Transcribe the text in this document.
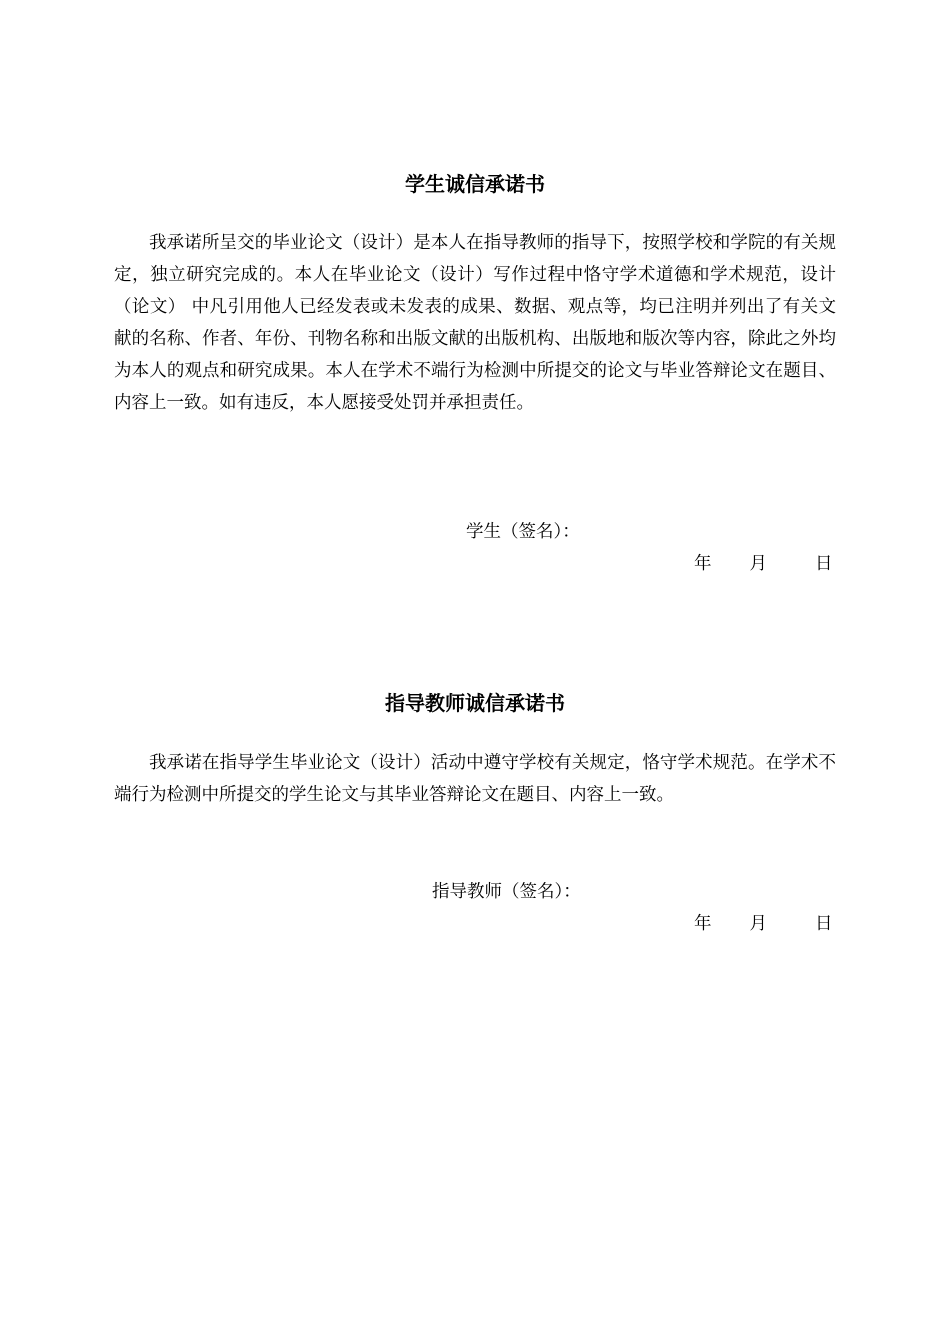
学生诚信承诺书

我承诺所呈交的毕业论文（设计）是本人在指导教师的指导下，按照学校和学院的有关规定，独立研究完成的。本人在毕业论文（设计）写作过程中恪守学术道德和学术规范，设计（论文） 中凡引用他人已经发表或未发表的成果、数据、观点等，均已注明并列出了有关文献的名称、作者、年份、刊物名称和出版文献的出版机构、出版地和版次等内容，除此之外均为本人的观点和研究成果。本人在学术不端行为检测中所提交的论文与毕业答辩论文在题目、内容上一致。如有违反，本人愿接受处罚并承担责任。

学生（签名）：
年 月	日
指导教师诚信承诺书

我承诺在指导学生毕业论文（设计）活动中遵守学校有关规定，恪守学术规范。在学术不端行为检测中所提交的学生论文与其毕业答辩论文在题目、内容上一致。

指导教师（签名）：
年 月	日
